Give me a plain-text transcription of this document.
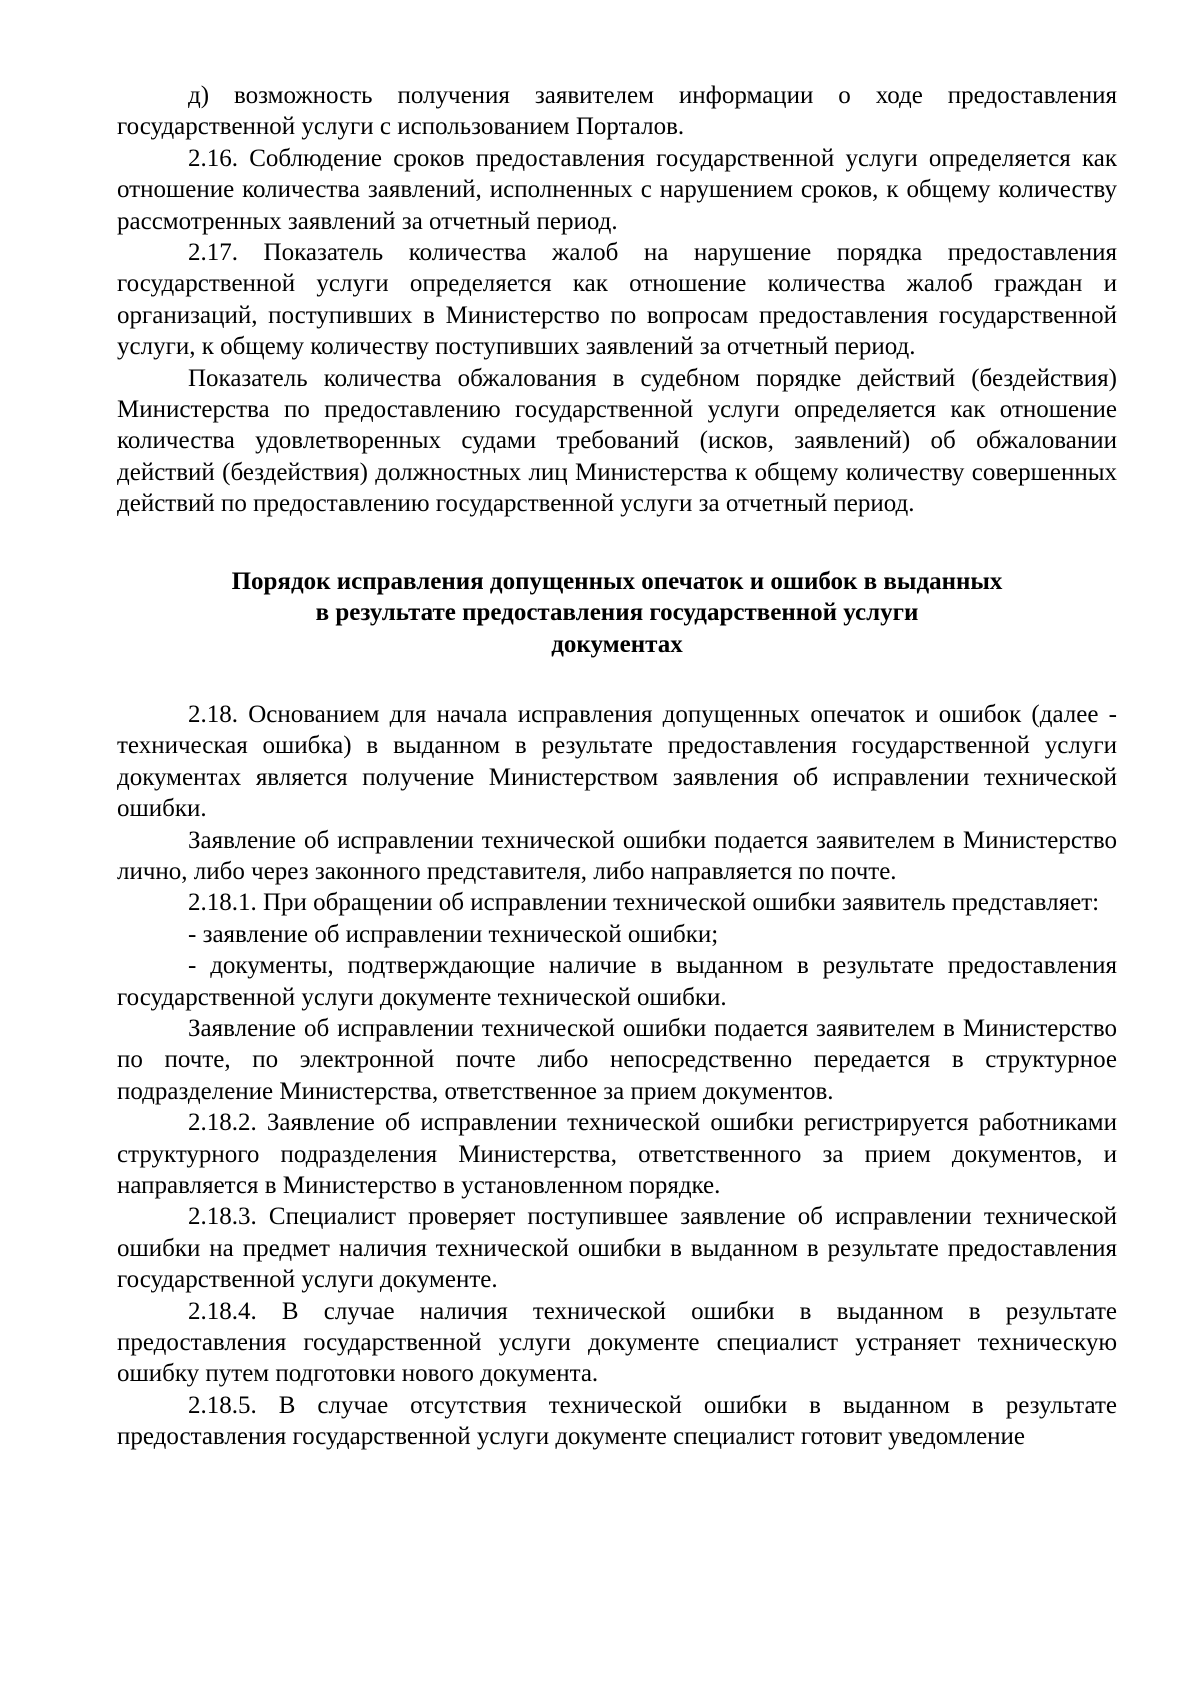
д) возможность получения заявителем информации о ходе предоставления государственной услуги с использованием Порталов.

2.16. Соблюдение сроков предоставления государственной услуги определяется как отношение количества заявлений, исполненных с нарушением сроков, к общему количеству рассмотренных заявлений за отчетный период.

2.17. Показатель количества жалоб на нарушение порядка предоставления государственной услуги определяется как отношение количества жалоб граждан и организаций, поступивших в Министерство по вопросам предоставления государственной услуги, к общему количеству поступивших заявлений за отчетный период.

Показатель количества обжалования в судебном порядке действий (бездействия) Министерства по предоставлению государственной услуги определяется как отношение количества удовлетворенных судами требований (исков, заявлений) об обжаловании действий (бездействия) должностных лиц Министерства к общему количеству совершенных действий по предоставлению государственной услуги за отчетный период.

Порядок исправления допущенных опечаток и ошибок в выданных
в результате предоставления государственной услуги
документах

2.18. Основанием для начала исправления допущенных опечаток и ошибок (далее - техническая ошибка) в выданном в результате предоставления государственной услуги документах является получение Министерством заявления об исправлении технической ошибки.

Заявление об исправлении технической ошибки подается заявителем в Министерство лично, либо через законного представителя, либо направляется по почте.

2.18.1. При обращении об исправлении технической ошибки заявитель представляет:

- заявление об исправлении технической ошибки;

- документы, подтверждающие наличие в выданном в результате предоставления государственной услуги документе технической ошибки.

Заявление об исправлении технической ошибки подается заявителем в Министерство по почте, по электронной почте либо непосредственно передается в структурное подразделение Министерства, ответственное за прием документов.

2.18.2. Заявление об исправлении технической ошибки регистрируется работниками структурного подразделения Министерства, ответственного за прием документов, и направляется в Министерство в установленном порядке.

2.18.3. Специалист проверяет поступившее заявление об исправлении технической ошибки на предмет наличия технической ошибки в выданном в результате предоставления государственной услуги документе.

2.18.4. В случае наличия технической ошибки в выданном в результате предоставления государственной услуги документе специалист устраняет техническую ошибку путем подготовки нового документа.

2.18.5. В случае отсутствия технической ошибки в выданном в результате предоставления государственной услуги документе специалист готовит уведомление
